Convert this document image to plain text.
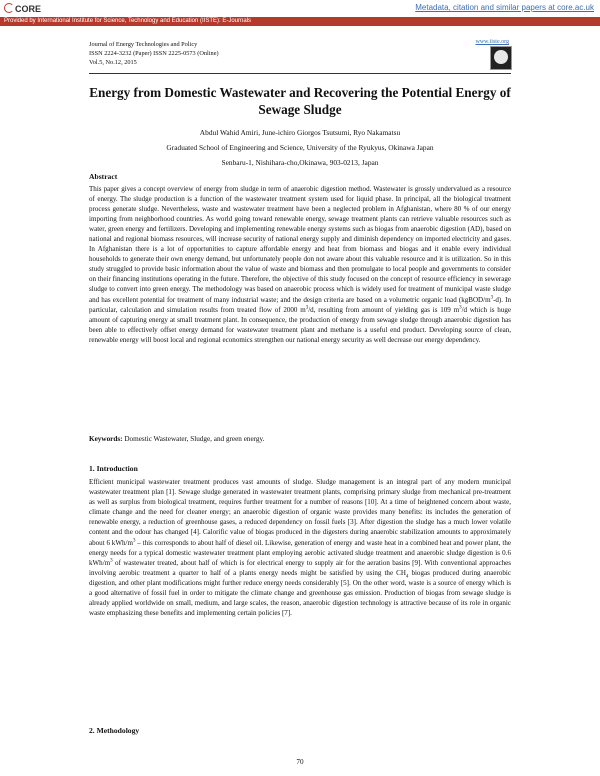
CORE	Metadata, citation and similar papers at core.ac.uk
Provided by International Institute for Science, Technology and Education (IISTE): E-Journals
Journal of Energy Technologies and Policy
ISSN 2224-3232 (Paper) ISSN 2225-0573 (Online)
Vol.5, No.12, 2015
www.iiste.org
IISTE
Energy from Domestic Wastewater and Recovering the Potential Energy of Sewage Sludge
Abdul Wahid Amiri, June-ichiro Giorgos Tsutsumi, Ryo Nakamatsu
Graduated School of Engineering and Science, University of the Ryukyus, Okinawa Japan
Senbaru-1, Nishihara-cho,Okinawa, 903-0213, Japan
Abstract

This paper gives a concept overview of energy from sludge in term of anaerobic digestion method. Wastewater is grossly undervalued as a resource of energy. The sludge production is a function of the wastewater treatment system used for liquid phase. In principal, all the biological treatment process generate sludge. Nevertheless, waste and wastewater treatment have been a neglected problem in Afghanistan, where 80 % of our energy importing from neighborhood countries. As world going toward renewable energy, sewage treatment plants can retrieve valuable resources such as water, green energy and fertilizers. Developing and implementing renewable energy systems such as biogas from anaerobic digestion (AD), based on national and regional biomass resources, will increase security of national energy supply and diminish dependency on imported electricity and gases. In Afghanistan there is a lot of opportunities to capture affordable energy and heat from biomass and biogas and it enable every individual households to generate their own energy demand, but unfortunately people don not aware about this valuable resource and it is utilization. So in this study struggled to provide basic information about the value of waste and biomass and then promulgate to local people and governments to consider on their financing institutions operating in the future. Therefore, the objective of this study focused on the concept of resource efficiency in sewerage sludge to convert into green energy. The methodology was based on anaerobic process which is widely used for treatment of municipal waste sludge and has excellent potential for treatment of many industrial waste; and the design criteria are based on a volumetric organic load $(kgBOD/m^3-d)$. In particular, calculation and simulation results from treated flow of 2000 $m^3/d$, resulting from amount of yielding gas is 109 $m^3/d$ which is huge amount of capturing energy at small treatment plant. In consequence, the production of energy from sewage sludge through anaerobic digestion has been able to effectively offset energy demand for wastewater treatment plant and methane is a useful end product. Developing source of clean, renewable energy will boost local and regional economics strengthen our national energy security as well decrease our energy dependency.

Keywords: Domestic Wastewater, Sludge, and green energy.
1. Introduction

Efficient municipal wastewater treatment produces vast amounts of sludge. Sludge management is an integral part of any modern municipal wastewater treatment plan [1]. Sewage sludge generated in wastewater treatment plants, comprising primary sludge from mechanical pre-treatment as well as surplus from biological treatment, requires further treatment for a number of reasons [10]. At a time of heightened concern about waste, climate change and the need for cleaner energy; an anaerobic digestion of organic waste provides many benefits: its includes the generation of renewable energy, a reduction of greenhouse gases, a reduced dependency on fossil fuels [3]. After digestion the sludge has a much lower volatile content and the odour has changed [4]. Calorific value of biogas produced in the digesters during anaerobic stabilization amounts to approximately about 6 kWh/$m^3$ – this corresponds to about half of diesel oil. Likewise, generation of energy and waste heat in a combined heat and power plant, the energy needs for a typical domestic wastewater treatment plant employing aerobic activated sludge treatment and anaerobic sludge digestion is 0.6 kWh/$m^3$ of wastewater treated, about half of which is for electrical energy to supply air for the aeration basins [9]. With conventional approaches involving aerobic treatment a quarter to half of a plants energy needs might be satisfied by using the $CH_4$ biogas produced during anaerobic digestion, and other plant modifications might further reduce energy needs considerably [5]. On the other word, waste is a source of energy which is a good alternative of fossil fuel in order to mitigate the climate change and greenhouse gas emission. Production of biogas from sewage sludge is already applied worldwide on small, medium, and large scales, the reason, anaerobic digestion technology is attractive because of its role in organic waste emphasizing these benefits and implementing certain policies [7].

2. Methodology
70
